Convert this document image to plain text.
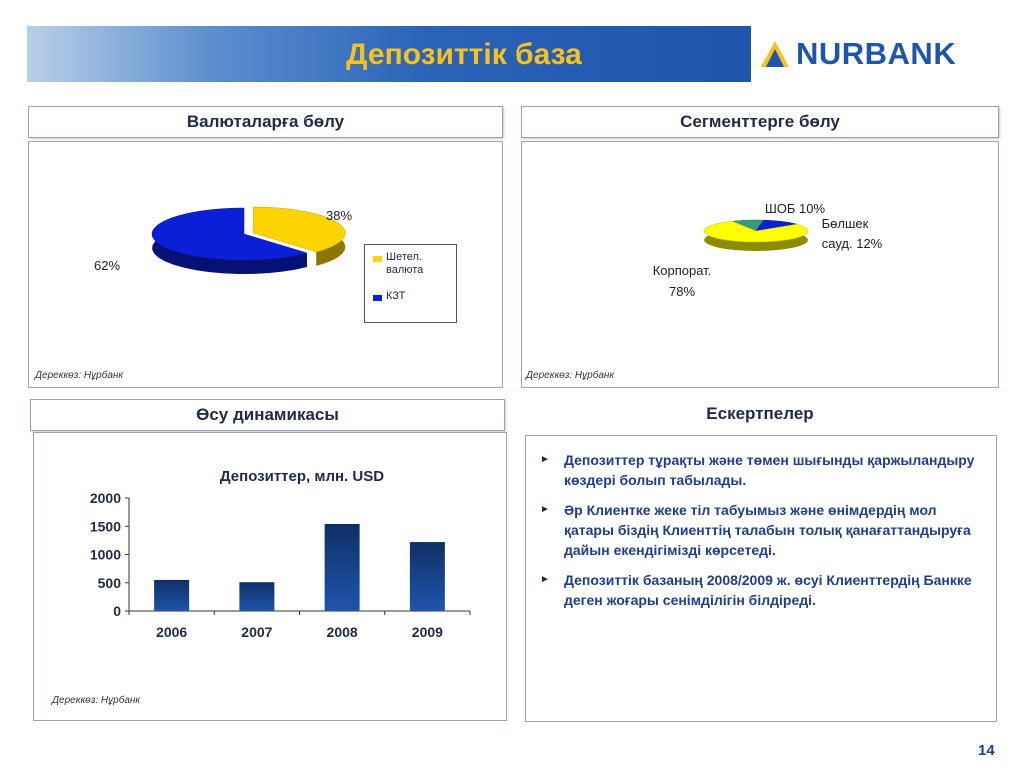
Депозиттік база	NURBANK
Валюталарға бөлу
38%
62%
Шетел. валюта
КЗТ
Дереккөз: Нұрбанк
Сегменттерге бөлу
ШОБ 10%
Бөлшек
сауд. 12%
Корпорат.
78%
Дереккөз: Нұрбанк
Өсу динамикасы
Депозиттер, млн. USD
0
500
1000
1500
2000
2006	2007	2008	2009
Дереккөз: Нұрбанк
Ескертпелер
► Депозиттер тұрақты және төмен шығынды қаржыландыру көздері болып табылады.
► Әр Клиентке жеке тіл табуымыз және өнімдердің мол қатары біздің Клиенттің талабын толық қанағаттандыруға дайын екендігімізді көрсетеді.
► Депозиттік базаның 2008/2009 ж. өсуі Клиенттердің Банкке деген жоғары сенімділігін білдіреді.
14
